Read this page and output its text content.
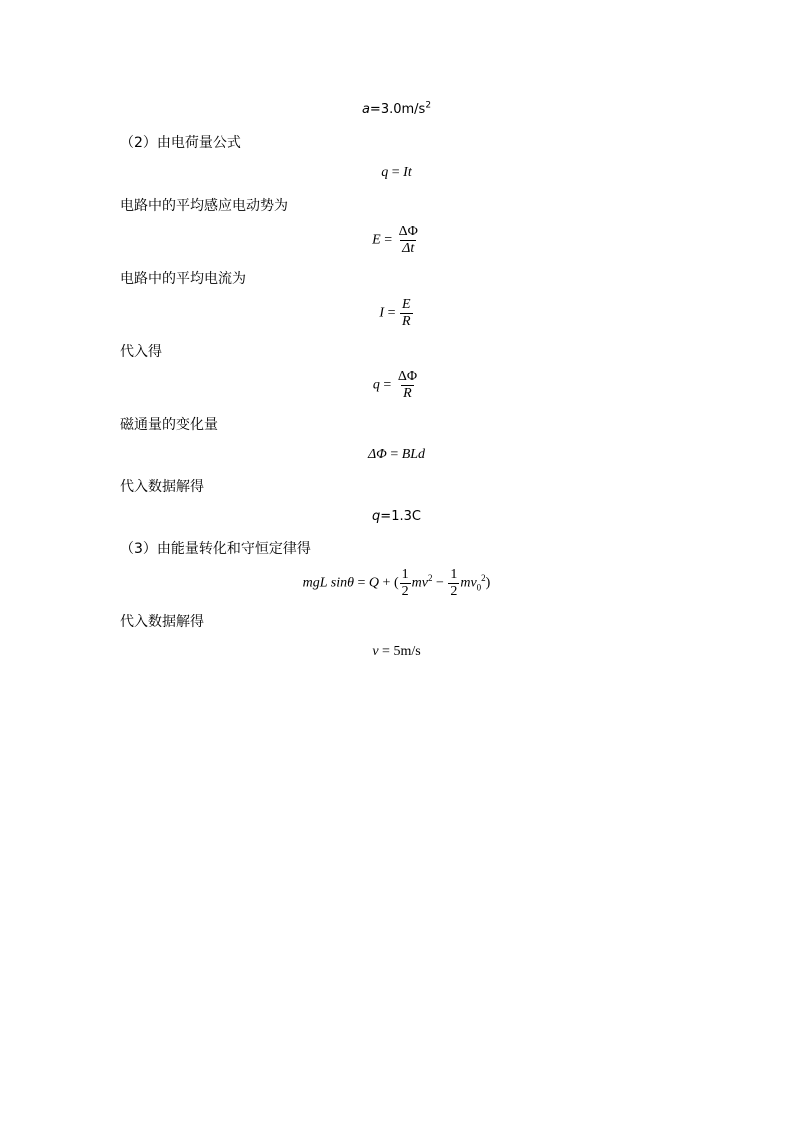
$a=3.0m/s^2$
（2）由电荷量公式
q = It
电路中的平均感应电动势为
$E = \frac{\Delta\Phi}{\Delta t}$
电路中的平均电流为
$I = \frac{E}{R}$
代入得
$q = \frac{\Delta\Phi}{R}$
磁通量的变化量
ΔΦ = BLd
代入数据解得
q=1.3C
（3）由能量转化和守恒定律得
mgL sinθ = Q + ( $\frac{1}{2} mv^2 - \frac{1}{2} mv_0^2$)
代入数据解得
v = 5m/s
